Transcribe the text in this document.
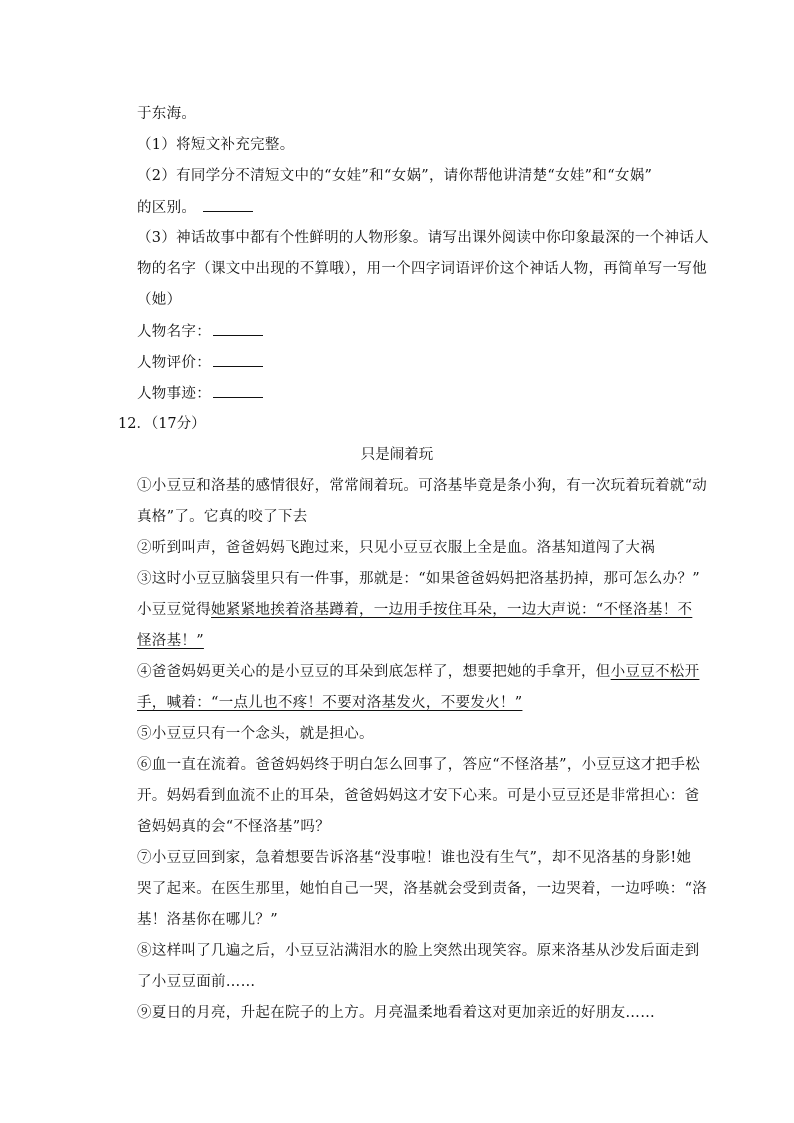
于东海。
（1）将短文补充完整。
（2）有同学分不清短文中的“女娃”和“女娲”，请你帮他讲清楚“女娃”和“女娲”
的区别。
（3）神话故事中都有个性鲜明的人物形象。请写出课外阅读中你印象最深的一个神话人
物的名字（课文中出现的不算哦），用一个四字词语评价这个神话人物，再简单写一写他
（她）
人物名字：
人物评价：
人物事迹：
12．（17分）
只是闹着玩
①小豆豆和洛基的感情很好，常常闹着玩。可洛基毕竟是条小狗，有一次玩着玩着就“动
真格”了。它真的咬了下去
②听到叫声，爸爸妈妈飞跑过来，只见小豆豆衣服上全是血。洛基知道闯了大祸
③这时小豆豆脑袋里只有一件事，那就是：“如果爸爸妈妈把洛基扔掉，那可怎么办？”
小豆豆觉得她紧紧地挨着洛基蹲着，一边用手按住耳朵，一边大声说：“不怪洛基！不
怪洛基！”
④爸爸妈妈更关心的是小豆豆的耳朵到底怎样了，想要把她的手拿开，但小豆豆不松开
手，喊着：“一点儿也不疼！不要对洛基发火，不要发火！”
⑤小豆豆只有一个念头，就是担心。
⑥血一直在流着。爸爸妈妈终于明白怎么回事了，答应“不怪洛基”，小豆豆这才把手松
开。妈妈看到血流不止的耳朵，爸爸妈妈这才安下心来。可是小豆豆还是非常担心：爸
爸妈妈真的会“不怪洛基”吗？
⑦小豆豆回到家，急着想要告诉洛基“没事啦！谁也没有生气”，却不见洛基的身影!她
哭了起来。在医生那里，她怕自己一哭，洛基就会受到责备，一边哭着，一边呼唤：“洛
基！洛基你在哪儿？”
⑧这样叫了几遍之后，小豆豆沾满泪水的脸上突然出现笑容。原来洛基从沙发后面走到
了小豆豆面前……
⑨夏日的月亮，升起在院子的上方。月亮温柔地看着这对更加亲近的好朋友……
